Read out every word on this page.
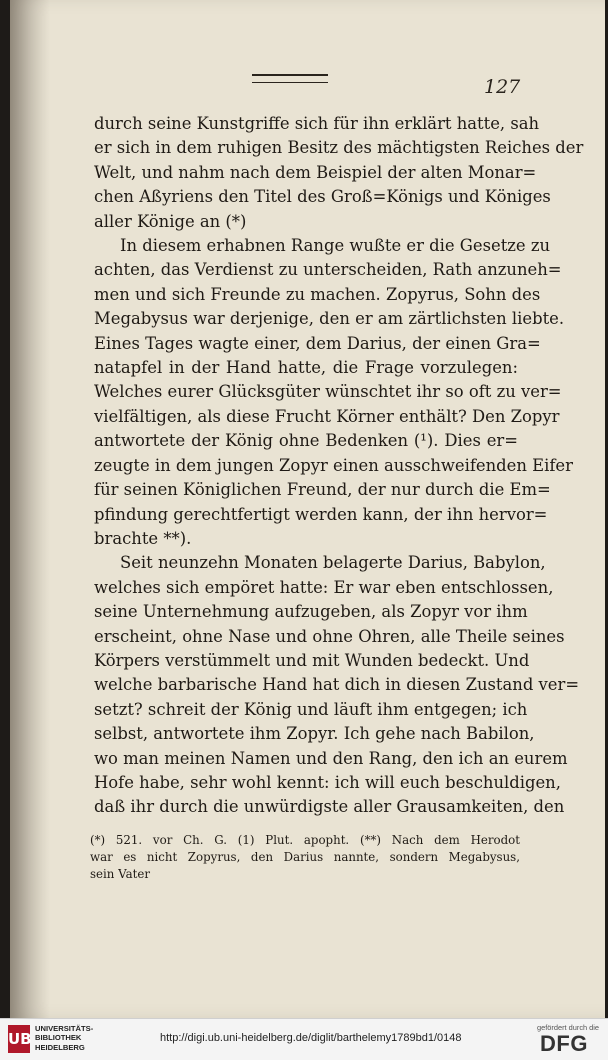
127
durch seine Kunstgriffe sich für ihn erklärt hatte, sah
er sich in dem ruhigen Besitz des mächtigsten Reiches der
Welt, und nahm nach dem Beispiel der alten Monar=
chen Aßyriens den Titel des Groß=Königs und Königes
aller Könige an (*)
In diesem erhabnen Range wußte er die Gesetze zu
achten, das Verdienst zu unterscheiden, Rath anzuneh=
men und sich Freunde zu machen. Zopyrus, Sohn des
Megabysus war derjenige, den er am zärtlichsten liebte.
Eines Tages wagte einer, dem Darius, der einen Gra=
natapfel in der Hand hatte, die Frage vorzulegen:
Welches eurer Glücksgüter wünschtet ihr so oft zu ver=
vielfältigen, als diese Frucht Körner enthält? Den Zopyr
antwortete der König ohne Bedenken (¹). Dies er=
zeugte in dem jungen Zopyr einen ausschweifenden Eifer
für seinen Königlichen Freund, der nur durch die Em=
pfindung gerechtfertigt werden kann, der ihn hervor=
brachte **).
Seit neunzehn Monaten belagerte Darius, Babylon,
welches sich empöret hatte: Er war eben entschlossen,
seine Unternehmung aufzugeben, als Zopyr vor ihm
erscheint, ohne Nase und ohne Ohren, alle Theile seines
Körpers verstümmelt und mit Wunden bedeckt. Und
welche barbarische Hand hat dich in diesen Zustand ver=
setzt? schreit der König und läuft ihm entgegen; ich
selbst, antwortete ihm Zopyr. Ich gehe nach Babilon,
wo man meinen Namen und den Rang, den ich an eurem
Hofe habe, sehr wohl kennt: ich will euch beschuldigen,
daß ihr durch die unwürdigste aller Grausamkeiten, den
(*) 521. vor Ch. G. (1) Plut. apopht. (**) Nach dem Herodot
war es nicht Zopyrus, den Darius nannte, sondern Megabysus,
sein Vater
UB
UNIVERSITÄTS-
BIBLIOTHEK
HEIDELBERG
http://digi.ub.uni-heidelberg.de/diglit/barthelemy1789bd1/0148
gefördert durch die
DFG
